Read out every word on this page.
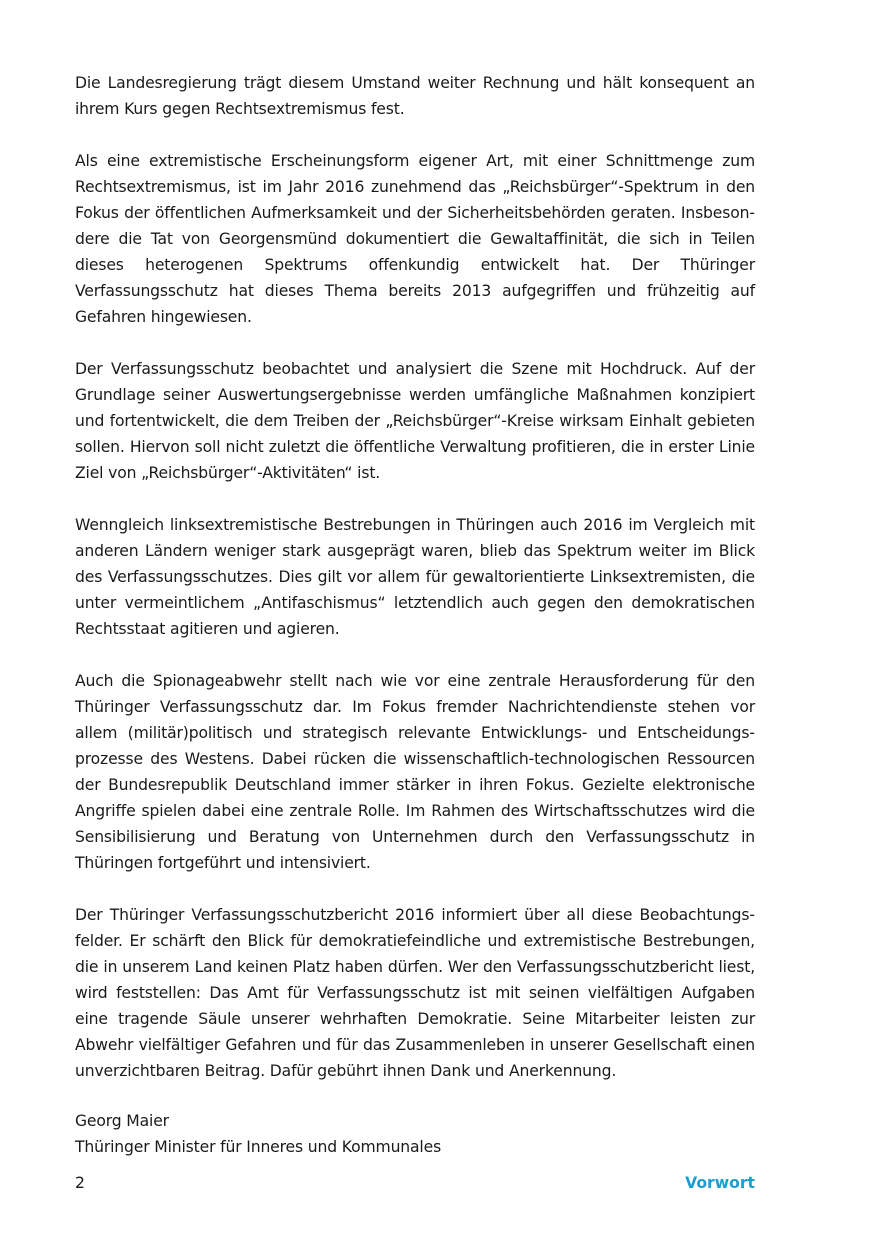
Die Landesregierung trägt diesem Umstand weiter Rechnung und hält konsequent an ihrem Kurs gegen Rechtsextremismus fest.

Als eine extremistische Erscheinungsform eigener Art, mit einer Schnittmenge zum Rechtsextremismus, ist im Jahr 2016 zunehmend das „Reichsbürger“-Spektrum in den Fokus der öffentlichen Aufmerksamkeit und der Sicherheitsbehörden geraten. Insbesondere die Tat von Georgensmünd dokumentiert die Gewaltaffinität, die sich in Teilen dieses heterogenen Spektrums offenkundig entwickelt hat. Der Thüringer Verfassungsschutz hat dieses Thema bereits 2013 aufgegriffen und frühzeitig auf Gefahren hingewiesen.

Der Verfassungsschutz beobachtet und analysiert die Szene mit Hochdruck. Auf der Grundlage seiner Auswertungsergebnisse werden umfängliche Maßnahmen konzipiert und fortentwickelt, die dem Treiben der „Reichsbürger“-Kreise wirksam Einhalt gebieten sollen. Hiervon soll nicht zuletzt die öffentliche Verwaltung profitieren, die in erster Linie Ziel von „Reichsbürger“-Aktivitäten“ ist.

Wenngleich linksextremistische Bestrebungen in Thüringen auch 2016 im Vergleich mit anderen Ländern weniger stark ausgeprägt waren, blieb das Spektrum weiter im Blick des Verfassungsschutzes. Dies gilt vor allem für gewaltorientierte Linksextremisten, die unter vermeintlichem „Antifaschismus“ letztendlich auch gegen den demokratischen Rechtsstaat agitieren und agieren.

Auch die Spionageabwehr stellt nach wie vor eine zentrale Herausforderung für den Thüringer Verfassungsschutz dar. Im Fokus fremder Nachrichtendienste stehen vor allem (militär)politisch und strategisch relevante Entwicklungs- und Entscheidungsprozesse des Westens. Dabei rücken die wissenschaftlich-technologischen Ressourcen der Bundesrepublik Deutschland immer stärker in ihren Fokus. Gezielte elektronische Angriffe spielen dabei eine zentrale Rolle. Im Rahmen des Wirtschaftsschutzes wird die Sensibilisierung und Beratung von Unternehmen durch den Verfassungsschutz in Thüringen fortgeführt und intensiviert.

Der Thüringer Verfassungsschutzbericht 2016 informiert über all diese Beobachtungsfelder. Er schärft den Blick für demokratiefeindliche und extremistische Bestrebungen, die in unserem Land keinen Platz haben dürfen. Wer den Verfassungsschutzbericht liest, wird feststellen: Das Amt für Verfassungsschutz ist mit seinen vielfältigen Aufgaben eine tragende Säule unserer wehrhaften Demokratie. Seine Mitarbeiter leisten zur Abwehr vielfältiger Gefahren und für das Zusammenleben in unserer Gesellschaft einen unverzichtbaren Beitrag. Dafür gebührt ihnen Dank und Anerkennung.

Georg Maier

Thüringer Minister für Inneres und Kommunales

2	Vorwort
